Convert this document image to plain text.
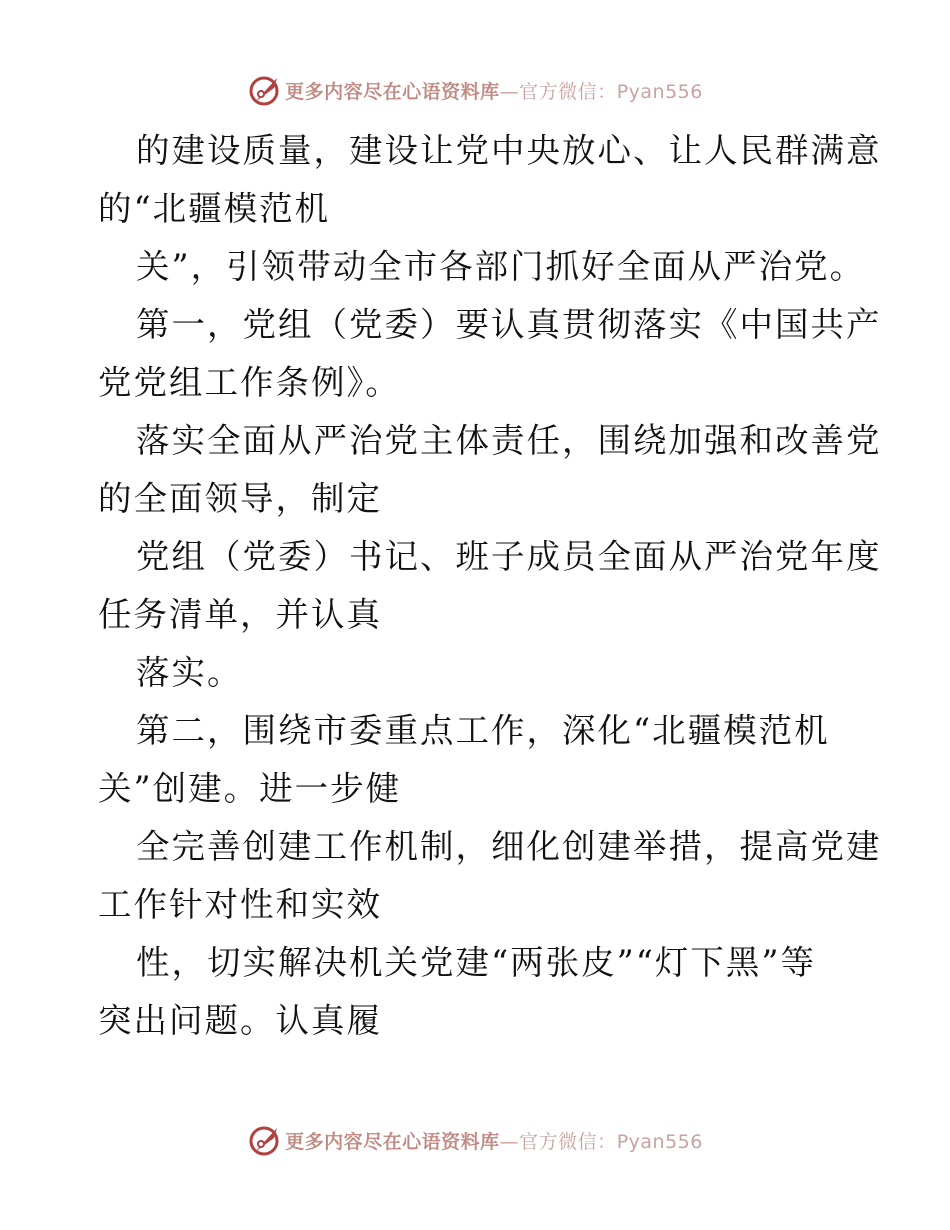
更多内容尽在心语资料库—官方微信：Pyan556
的建设质量，建设让党中央放心、让人民群满意
的“北疆模范机
关”，引领带动全市各部门抓好全面从严治党。
第一，党组（党委）要认真贯彻落实《中国共产
党党组工作条例》。
落实全面从严治党主体责任，围绕加强和改善党
的全面领导，制定
党组（党委）书记、班子成员全面从严治党年度
任务清单，并认真
落实。
第二，围绕市委重点工作，深化“北疆模范机
关”创建。进一步健
全完善创建工作机制，细化创建举措，提高党建
工作针对性和实效
性，切实解决机关党建“两张皮”“灯下黑”等
突出问题。认真履
更多内容尽在心语资料库—官方微信：Pyan556
